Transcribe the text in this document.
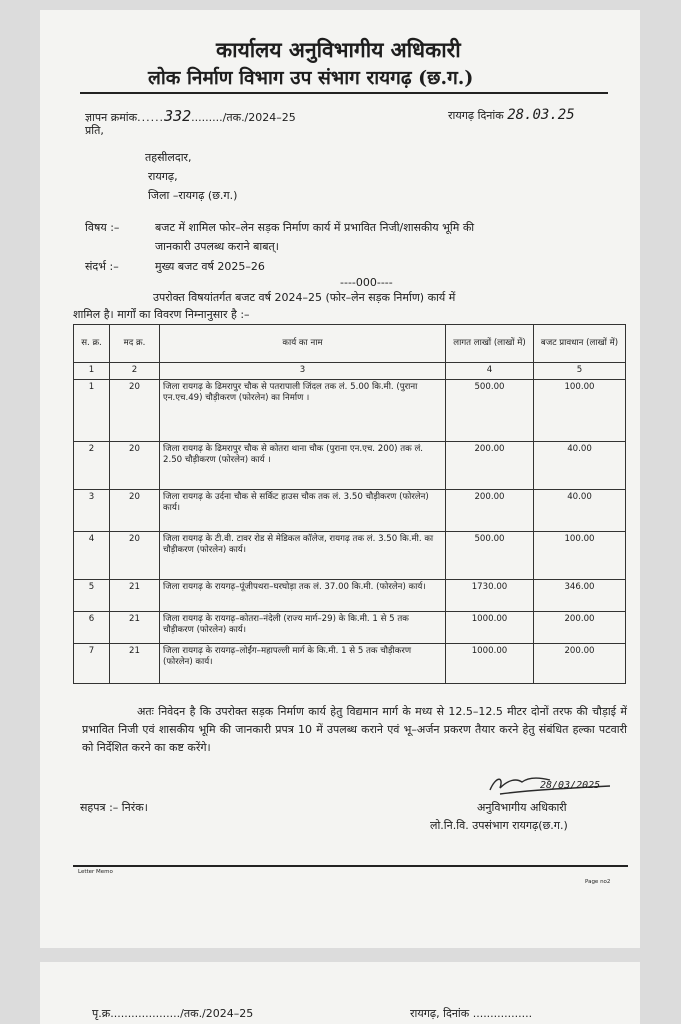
कार्यालय अनुविभागीय अधिकारी
लोक निर्माण विभाग उप संभाग रायगढ़ (छ.ग.)
ज्ञापन क्रमांक......332........./तक./2024–25	रायगढ़ दिनांक 28.03.25
प्रति,
तहसीलदार,
रायगढ़,
जिला –रायगढ़ (छ.ग.)
विषय :–	बजट में शामिल फोर–लेन सड़क निर्माण कार्य में प्रभावित निजी/शासकीय भूमि की
जानकारी उपलब्ध कराने बाबत्।
संदर्भ :–	मुख्य बजट वर्ष 2025–26
----000----
उपरोक्त विषयांतर्गत बजट वर्ष 2024–25 (फोर–लेन सड़क निर्माण) कार्य में
शामिल है। मार्गों का विवरण निम्नानुसार है :–
स. क्र.	मद क्र.	कार्य का नाम	लागत लाखों (लाखों में)	बजट प्रावधान (लाखों में)
1	2	3	4	5
1	20	जिला रायगढ़ के ढिमरापुर चौक से पतरापाली जिंदल तक लं. 5.00 कि.मी. (पुराना एन.एच.49) चौड़ीकरण (फोरलेन) का निर्माण ।	500.00	100.00
2	20	जिला रायगढ़ के ढिमरापुर चौक से कोतरा थाना चौक (पुराना एन.एच. 200) तक लं. 2.50 चौड़ीकरण (फोरलेन) कार्य ।	200.00	40.00
3	20	जिला रायगढ़ के उर्दना चौक से सर्किट हाउस चौक तक लं. 3.50 चौड़ीकरण (फोरलेन) कार्य।	200.00	40.00
4	20	जिला रायगढ़ के टी.वी. टावर रोड से मेडिकल कॉलेज, रायगढ़ तक लं. 3.50 कि.मी. का चौड़ीकरण (फोरलेन) कार्य।	500.00	100.00
5	21	जिला रायगढ़ के रायगढ़–पूंजीपथरा–घरघोड़ा तक लं. 37.00 कि.मी. (फोरलेन) कार्य।	1730.00	346.00
6	21	जिला रायगढ़ के रायगढ़–कोतरा–नंदेली (राज्य मार्ग–29) के कि.मी. 1 से 5 तक चौड़ीकरण (फोरलेन) कार्य।	1000.00	200.00
7	21	जिला रायगढ़ के रायगढ़–लोईंग–महापल्ली मार्ग के कि.मी. 1 से 5 तक चौड़ीकरण (फोरलेन) कार्य।	1000.00	200.00
अतः निवेदन है कि उपरोक्त सड़क निर्माण कार्य हेतु विद्यमान मार्ग के मध्य से 12.5–12.5 मीटर दोनों तरफ की चौड़ाई में प्रभावित निजी एवं शासकीय भूमि की जानकारी प्रपत्र 10 में उपलब्ध कराने एवं भू–अर्जन प्रकरण तैयार करने हेतु संबंधित हल्का पटवारी को निर्देशित करने का कष्ट करेंगे।
28/03/2025
सहपत्र :– निरंक।	अनुविभागीय अधिकारी
लो.नि.वि. उपसंभाग रायगढ़(छ.ग.)
Letter Memo
Page no2
पृ.क्र..................../तक./2024–25	रायगढ़, दिनांक .................
